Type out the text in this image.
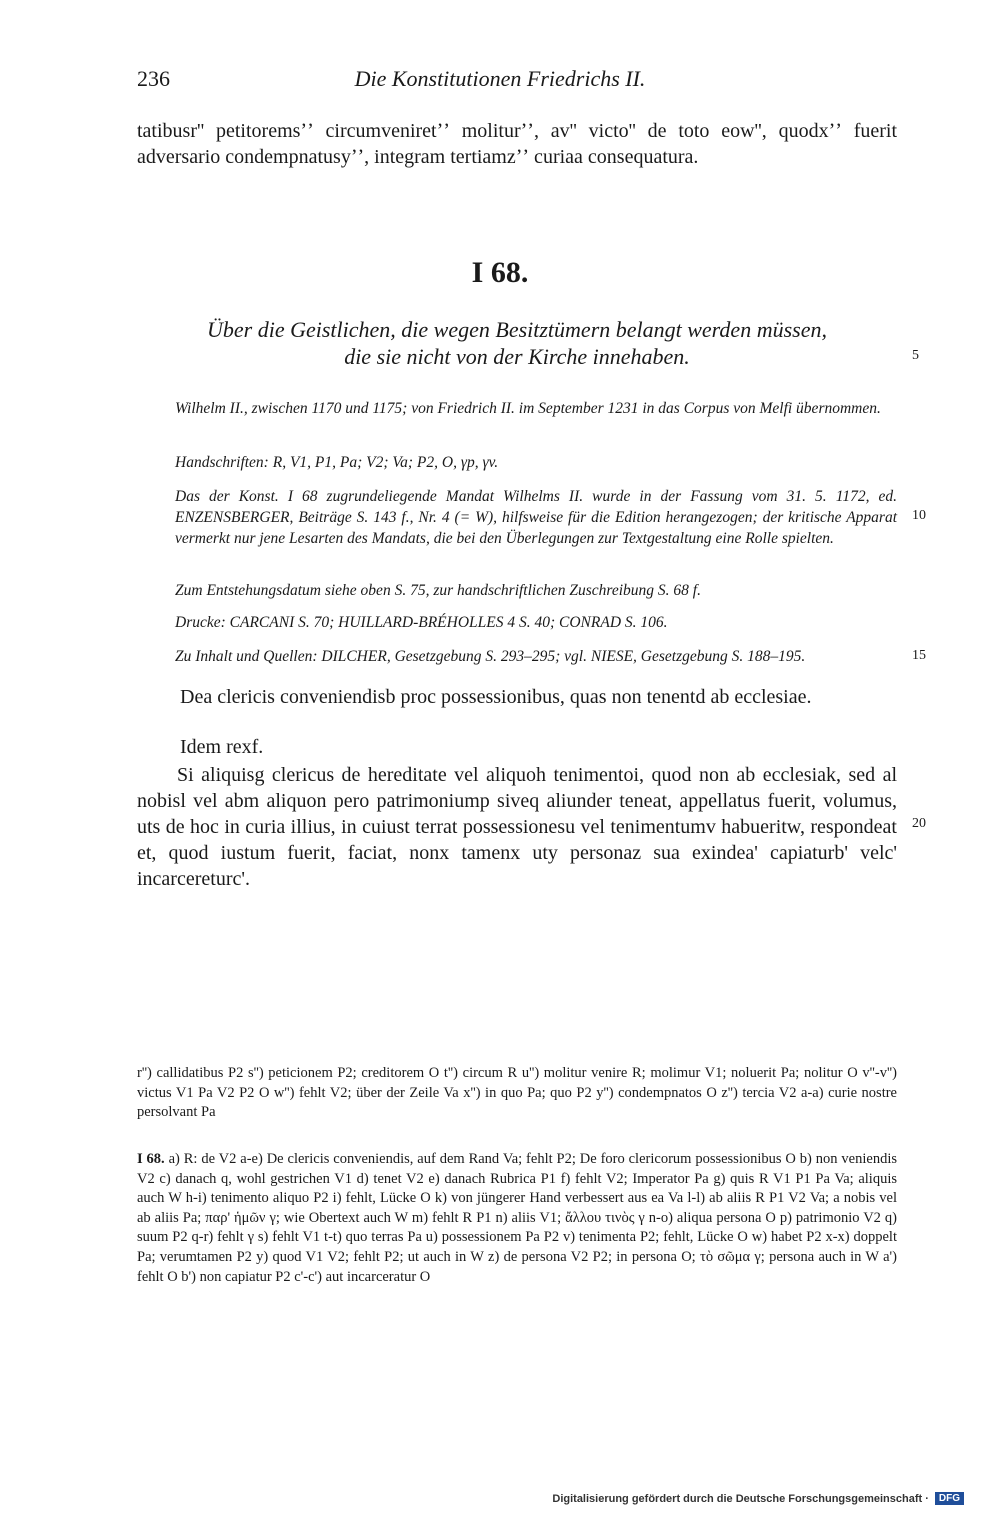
236	Die Konstitutionen Friedrichs II.
tatibusr'' petitoremsʼʼ circumveniretʼʼ moliturʼʼ, av'' victo'' de toto eow'', quodxʼʼ fuerit adversario condempnatusyʼʼ, integram tertiamzʼʼ curiaa consequatura.
I 68.
Über die Geistlichen, die wegen Besitztümern belangt werden müssen,
die sie nicht von der Kirche innehaben.	5
Wilhelm II., zwischen 1170 und 1175; von Friedrich II. im September 1231 in das Corpus von Melfi übernommen.
Handschriften: R, V1, P1, Pa; V2; Va; P2, O, γp, γv.
Das der Konst. I 68 zugrundeliegende Mandat Wilhelms II. wurde in der Fassung vom 31. 5. 1172, ed. ENZENSBERGER, Beiträge S. 143 f., Nr. 4 (= W), hilfsweise für die Edition herangezogen; der kritische Apparat vermerkt nur jene Lesarten des Mandats, die bei den Überlegungen zur Textgestaltung eine Rolle spielten.
10
Zum Entstehungsdatum siehe oben S. 75, zur handschriftlichen Zuschreibung S. 68 f.
Drucke: CARCANI S. 70; HUILLARD-BRÉHOLLES 4 S. 40; CONRAD S. 106.
Zu Inhalt und Quellen: DILCHER, Gesetzgebung S. 293–295; vgl. NIESE, Gesetzgebung S. 188–195.	15
Dea clericis conveniendisb proc possessionibus, quas non tenentd ab ecclesiae.
Idem rexf.
Si aliquisg clericus de hereditate vel aliquoh tenimentoi, quod non ab ecclesiak, sed al nobisl vel abm aliquon pero patrimoniump siveq aliunder teneat, appellatus fuerit, volumus, uts de hoc in curia illius, in cuiust terrat possessionesu vel tenimentumv habueritw, respondeat et, quod iustum fuerit, faciat, nonx tamenx uty personaz sua exindea' capiaturb' velc' incarcereturc'.
20
r'') callidatibus P2 s'') peticionem P2; creditorem O t'') circum R u'') molitur venire R; molimur V1; noluerit Pa; nolitur O v''-v'') victus V1 Pa V2 P2 O w'') fehlt V2; über der Zeile Va x'') in quo Pa; quo P2 y'') condempnatos O z'') tercia V2 a-a) curie nostre persolvant Pa
I 68. a) R: de V2 a-e) De clericis conveniendis, auf dem Rand Va; fehlt P2; De foro clericorum possessionibus O b) non veniendis V2 c) danach q, wohl gestrichen V1 d) tenet V2 e) danach Rubrica P1 f) fehlt V2; Imperator Pa g) quis R V1 P1 Pa Va; aliquis auch W h-i) tenimento aliquo P2 i) fehlt, Lücke O k) von jüngerer Hand verbessert aus ea Va l-l) ab aliis R P1 V2 Va; a nobis vel ab aliis Pa; παρ' ἡμῶν γ; wie Obertext auch W m) fehlt R P1 n) aliis V1; ἄλλου τινὸς γ n-o) aliqua persona O p) patrimonio V2 q) suum P2 q-r) fehlt γ s) fehlt V1 t-t) quo terras Pa u) possessionem Pa P2 v) tenimenta P2; fehlt, Lücke O w) habet P2 x-x) doppelt Pa; verumtamen P2 y) quod V1 V2; fehlt P2; ut auch in W z) de persona V2 P2; in persona O; τὸ σῶμα γ; persona auch in W a') fehlt O b') non capiatur P2 c'-c') aut incarceratur O
Digitalisierung gefördert durch die Deutsche Forschungsgemeinschaft ·	DFG
